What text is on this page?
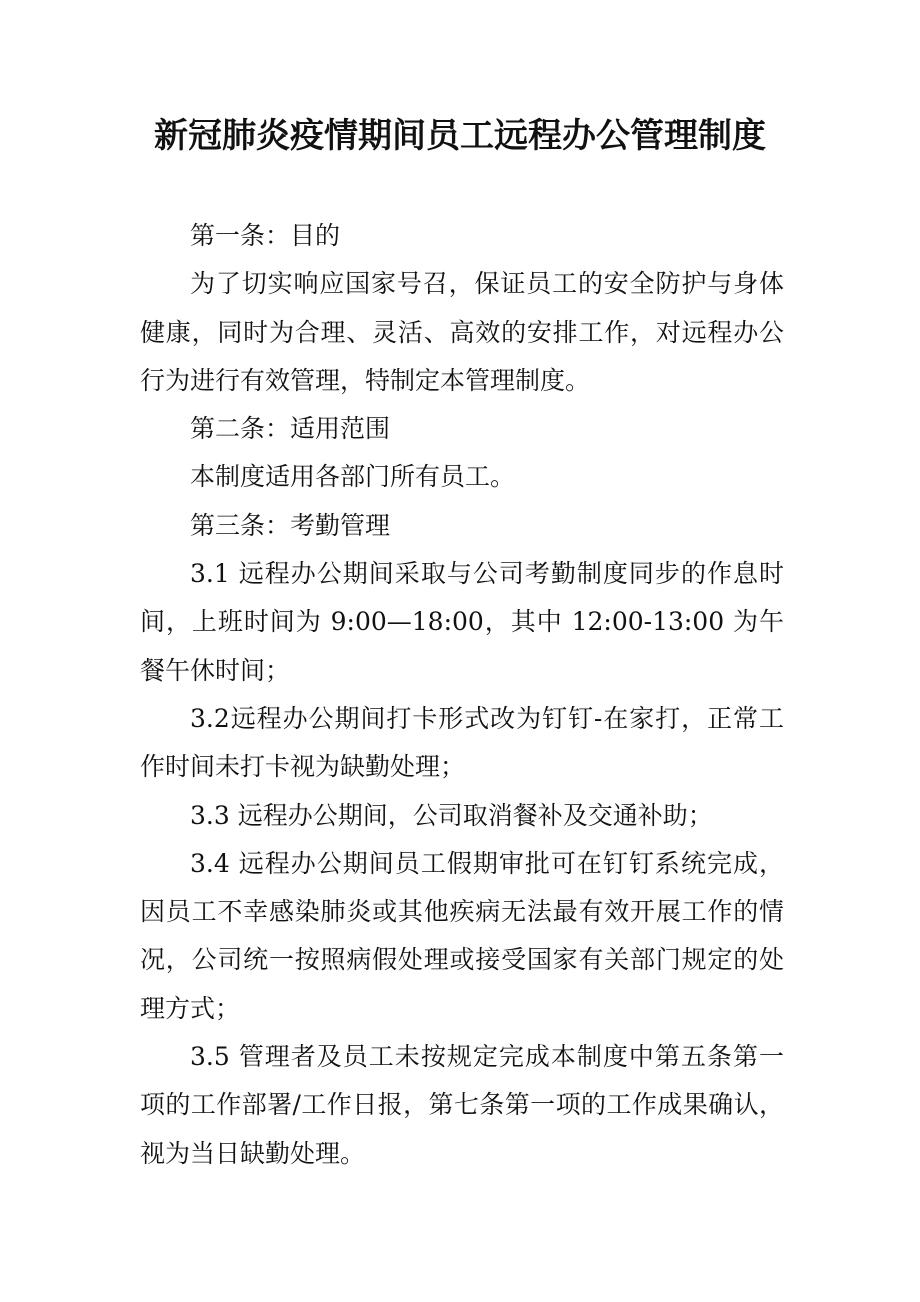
新冠肺炎疫情期间员工远程办公管理制度

第一条：目的

为了切实响应国家号召，保证员工的安全防护与身体健康，同时为合理、灵活、高效的安排工作，对远程办公行为进行有效管理，特制定本管理制度。

第二条：适用范围

本制度适用各部门所有员工。

第三条：考勤管理

3.1 远程办公期间采取与公司考勤制度同步的作息时间，上班时间为 9:00—18:00，其中 12:00-13:00 为午餐午休时间；

3.2远程办公期间打卡形式改为钉钉-在家打，正常工作时间未打卡视为缺勤处理；

3.3 远程办公期间，公司取消餐补及交通补助；

3.4 远程办公期间员工假期审批可在钉钉系统完成，因员工不幸感染肺炎或其他疾病无法最有效开展工作的情况，公司统一按照病假处理或接受国家有关部门规定的处理方式；

3.5 管理者及员工未按规定完成本制度中第五条第一项的工作部署/工作日报，第七条第一项的工作成果确认，视为当日缺勤处理。
